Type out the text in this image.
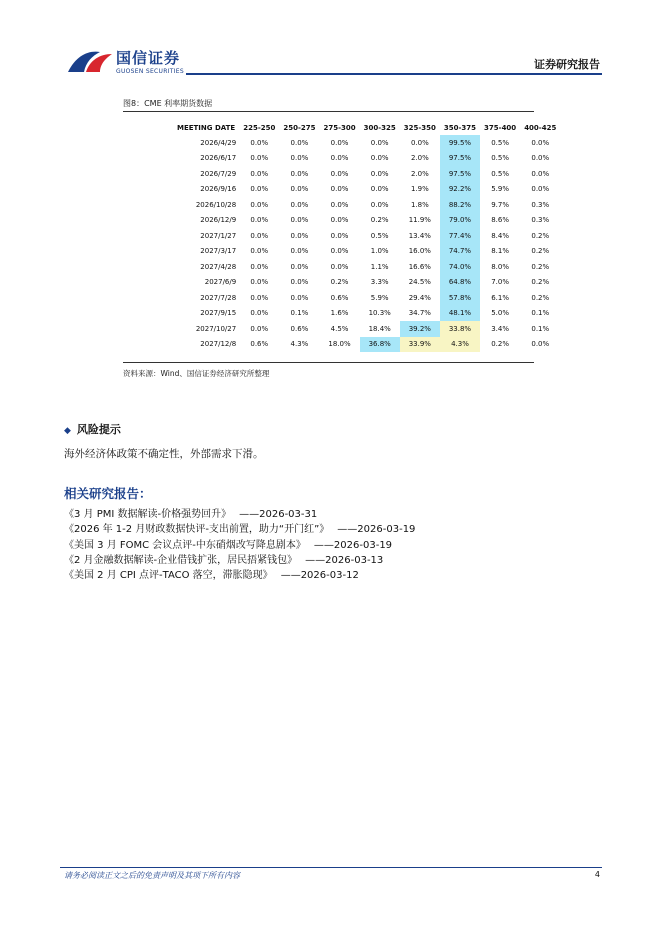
国信证券
GUOSEN SECURITIES
证券研究报告
图8：CME 利率期货数据
MEETING DATE	225-250	250-275	275-300	300-325	325-350	350-375	375-400	400-425
2026/4/29	0.0%	0.0%	0.0%	0.0%	0.0%	99.5%	0.5%	0.0%
2026/6/17	0.0%	0.0%	0.0%	0.0%	2.0%	97.5%	0.5%	0.0%
2026/7/29	0.0%	0.0%	0.0%	0.0%	2.0%	97.5%	0.5%	0.0%
2026/9/16	0.0%	0.0%	0.0%	0.0%	1.9%	92.2%	5.9%	0.0%
2026/10/28	0.0%	0.0%	0.0%	0.0%	1.8%	88.2%	9.7%	0.3%
2026/12/9	0.0%	0.0%	0.0%	0.2%	11.9%	79.0%	8.6%	0.3%
2027/1/27	0.0%	0.0%	0.0%	0.5%	13.4%	77.4%	8.4%	0.2%
2027/3/17	0.0%	0.0%	0.0%	1.0%	16.0%	74.7%	8.1%	0.2%
2027/4/28	0.0%	0.0%	0.0%	1.1%	16.6%	74.0%	8.0%	0.2%
2027/6/9	0.0%	0.0%	0.2%	3.3%	24.5%	64.8%	7.0%	0.2%
2027/7/28	0.0%	0.0%	0.6%	5.9%	29.4%	57.8%	6.1%	0.2%
2027/9/15	0.0%	0.1%	1.6%	10.3%	34.7%	48.1%	5.0%	0.1%
2027/10/27	0.0%	0.6%	4.5%	18.4%	39.2%	33.8%	3.4%	0.1%
2027/12/8	0.6%	4.3%	18.0%	36.8%	33.9%	4.3%	0.2%	0.0%
资料来源：Wind、国信证券经济研究所整理
◆ 风险提示
海外经济体政策不确定性，外部需求下滑。
相关研究报告：
《3 月 PMI 数据解读-价格强势回升》 ——2026-03-31
《2026 年 1-2 月财政数据快评-支出前置，助力“开门红”》 ——2026-03-19
《美国 3 月 FOMC 会议点评-中东硝烟改写降息剧本》 ——2026-03-19
《2 月金融数据解读-企业借钱扩张，居民捂紧钱包》 ——2026-03-13
《美国 2 月 CPI 点评-TACO 落空，滞胀隐现》 ——2026-03-12
请务必阅读正文之后的免责声明及其项下所有内容	4
